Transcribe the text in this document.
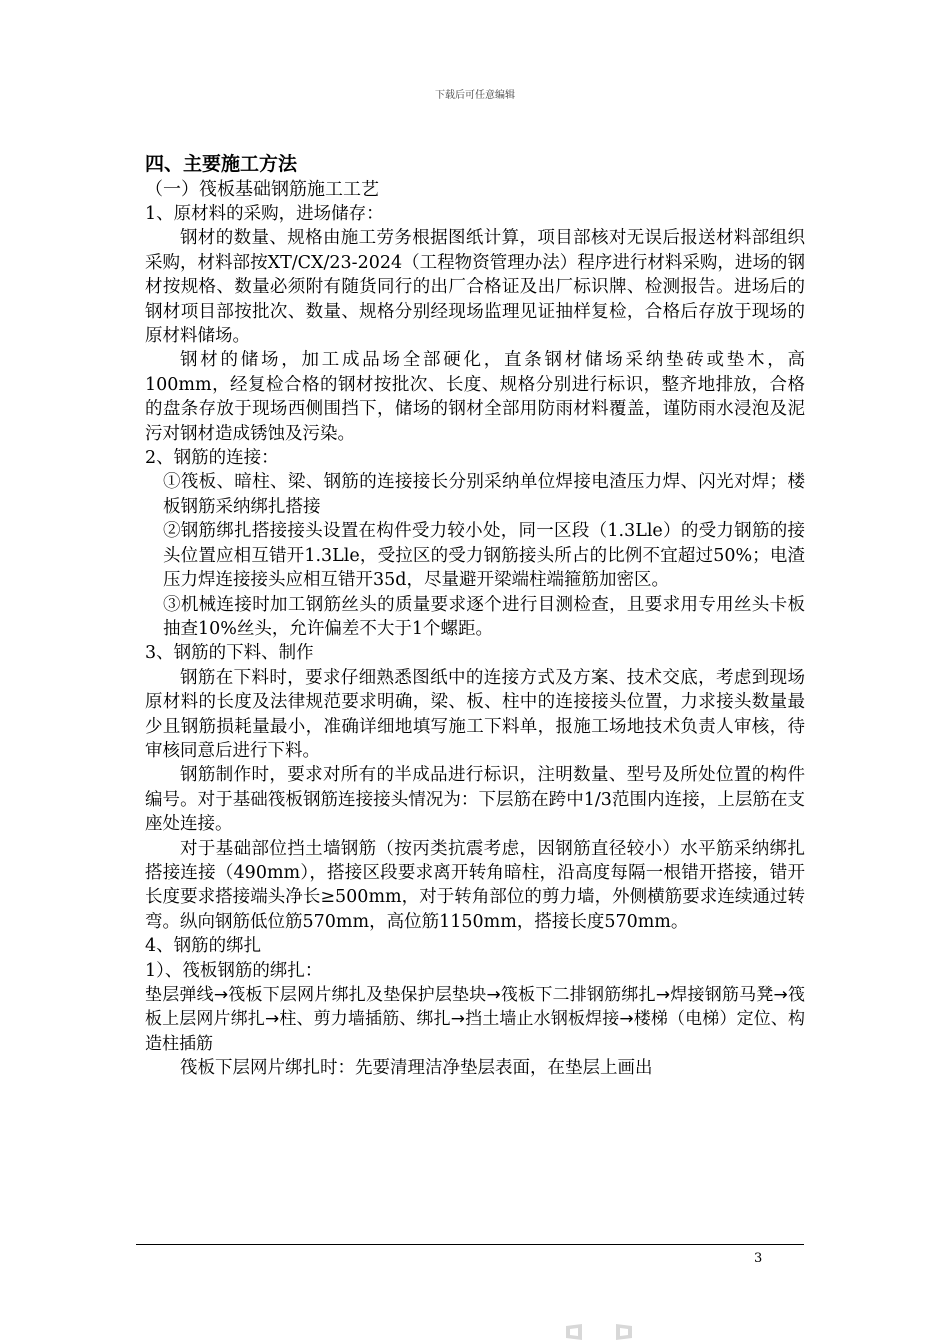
下载后可任意编辑

四、主要施工方法

（一）筏板基础钢筋施工工艺

1、原材料的采购，进场储存：

钢材的数量、规格由施工劳务根据图纸计算，项目部核对无误后报送材料部组织采购，材料部按XT/CX/23-2024（工程物资管理办法）程序进行材料采购，进场的钢材按规格、数量必须附有随货同行的出厂合格证及出厂标识牌、检测报告。进场后的钢材项目部按批次、数量、规格分别经现场监理见证抽样复检，合格后存放于现场的原材料储场。

钢材的储场，加工成品场全部硬化，直条钢材储场采纳垫砖或垫木，高100mm，经复检合格的钢材按批次、长度、规格分别进行标识，整齐地排放，合格的盘条存放于现场西侧围挡下，储场的钢材全部用防雨材料覆盖，谨防雨水浸泡及泥污对钢材造成锈蚀及污染。

2、钢筋的连接：

①筏板、暗柱、梁、钢筋的连接接长分别采纳单位焊接电渣压力焊、闪光对焊；楼板钢筋采纳绑扎搭接

②钢筋绑扎搭接接头设置在构件受力较小处，同一区段（1.3Lle）的受力钢筋的接头位置应相互错开1.3Lle，受拉区的受力钢筋接头所占的比例不宜超过50%；电渣压力焊连接接头应相互错开35d，尽量避开梁端柱端箍筋加密区。

③机械连接时加工钢筋丝头的质量要求逐个进行目测检查，且要求用专用丝头卡板抽查10%丝头，允许偏差不大于1个螺距。

3、钢筋的下料、制作

钢筋在下料时，要求仔细熟悉图纸中的连接方式及方案、技术交底，考虑到现场原材料的长度及法律规范要求明确，梁、板、柱中的连接接头位置，力求接头数量最少且钢筋损耗量最小，准确详细地填写施工下料单，报施工场地技术负责人审核，待审核同意后进行下料。

钢筋制作时，要求对所有的半成品进行标识，注明数量、型号及所处位置的构件编号。对于基础筏板钢筋连接接头情况为：下层筋在跨中1/3范围内连接，上层筋在支座处连接。

对于基础部位挡土墙钢筋（按丙类抗震考虑，因钢筋直径较小）水平筋采纳绑扎搭接连接（490mm），搭接区段要求离开转角暗柱，沿高度每隔一根错开搭接，错开长度要求搭接端头净长≥500mm，对于转角部位的剪力墙，外侧横筋要求连续通过转弯。纵向钢筋低位筋570mm，高位筋1150mm，搭接长度570mm。

4、钢筋的绑扎

1）、筏板钢筋的绑扎：

垫层弹线→筏板下层网片绑扎及垫保护层垫块→筏板下二排钢筋绑扎→焊接钢筋马凳→筏板上层网片绑扎→柱、剪力墙插筋、绑扎→挡土墙止水钢板焊接→楼梯（电梯）定位、构造柱插筋

筏板下层网片绑扎时：先要清理洁净垫层表面，在垫层上画出

3
